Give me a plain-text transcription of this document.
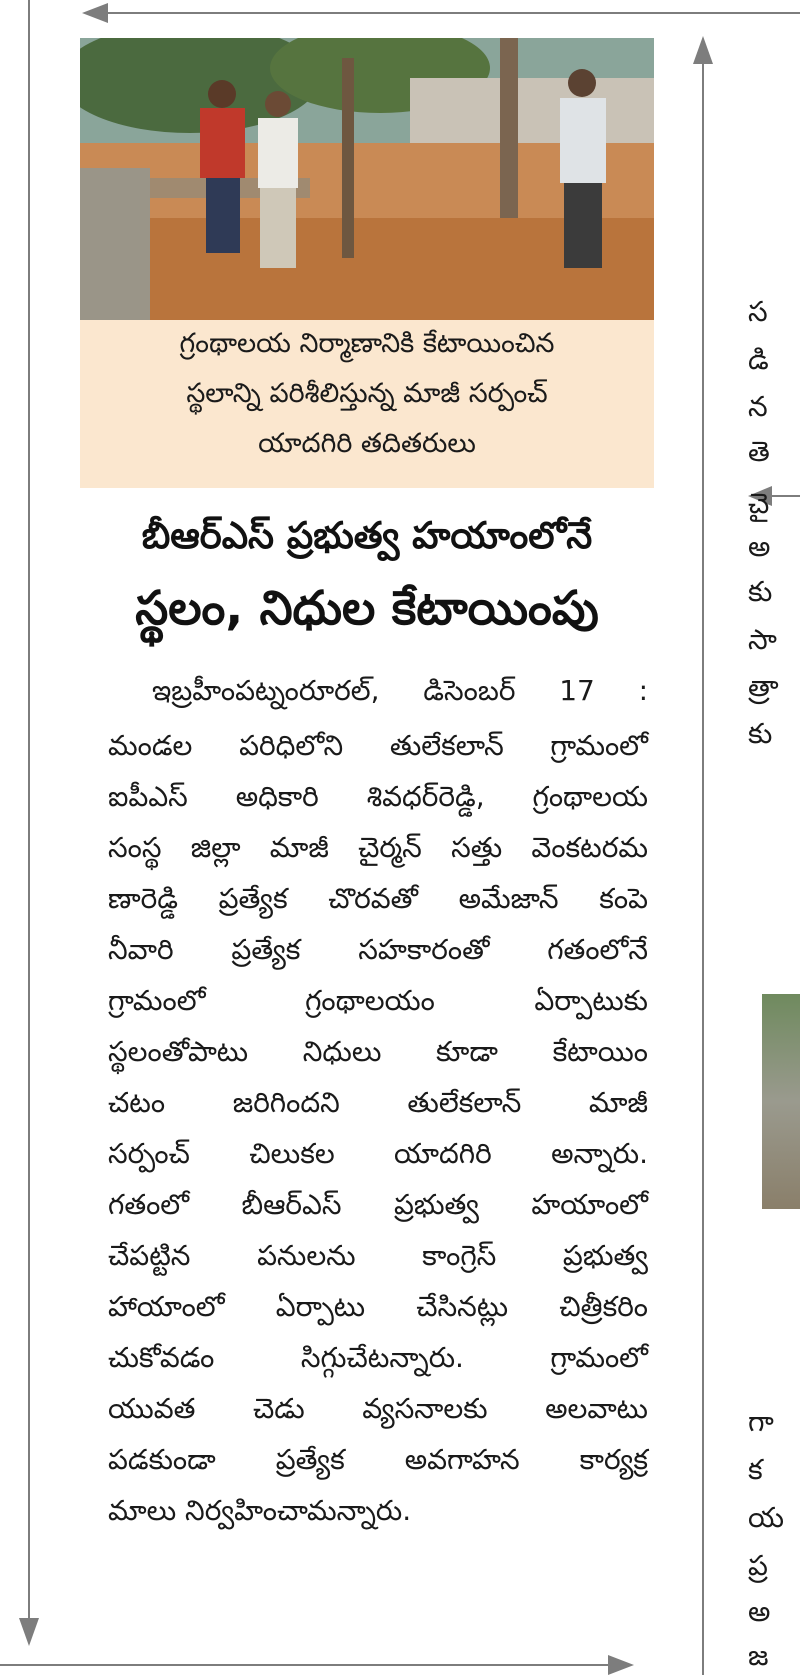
గ్రంథాలయ నిర్మాణానికి కేటాయించిన
స్థలాన్ని పరిశీలిస్తున్న మాజీ సర్పంచ్
యాదగిరి తదితరులు
బీఆర్ఎస్ ప్రభుత్వ హయాంలోనే
స్థలం, నిధుల కేటాయింపు
ఇబ్రహీంపట్నంరూరల్, డిసెంబర్ 17 :
మండల పరిధిలోని తులేకలాన్ గ్రామంలో
ఐపీఎస్ అధికారి శివధర్‌రెడ్డి, గ్రంథాలయ
సంస్థ జిల్లా మాజీ చైర్మన్ సత్తు వెంకటరమ
ణారెడ్డి ప్రత్యేక చొరవతో అమేజాన్ కంపె
నీవారి ప్రత్యేక సహకారంతో గతంలోనే
గ్రామంలో గ్రంథాలయం ఏర్పాటుకు
స్థలంతోపాటు నిధులు కూడా కేటాయిం
చటం జరిగిందని తులేకలాన్ మాజీ
సర్పంచ్ చిలుకల యాదగిరి అన్నారు.
గతంలో బీఆర్ఎస్ ప్రభుత్వ హయాంలో
చేపట్టిన పనులను కాంగ్రెస్ ప్రభుత్వ
హాయాంలో ఏర్పాటు చేసినట్లు చిత్రీకరిం
చుకోవడం సిగ్గుచేటన్నారు. గ్రామంలో
యువత చెడు వ్యసనాలకు అలవాటు
పడకుండా ప్రత్యేక అవగాహన కార్యక్ర
మాలు నిర్వహించామన్నారు.
స
డి
న
తె
చై
అ
కు
సా
త్రా
కు
గా
క
య
ప్ర
అ
జ
